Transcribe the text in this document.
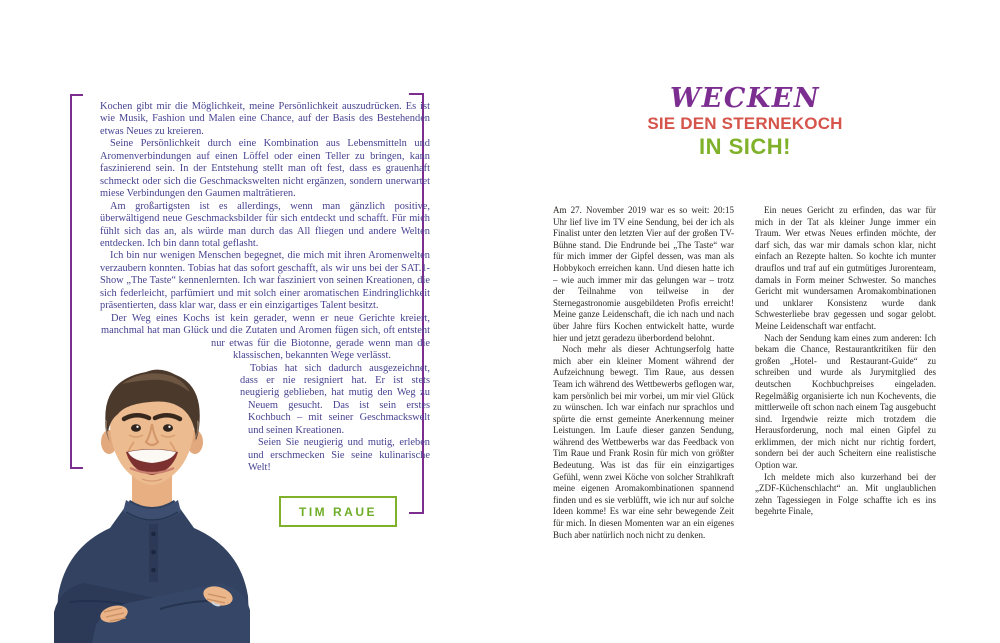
Kochen gibt mir die Möglichkeit, meine Persönlichkeit auszudrücken. Es ist wie Musik, Fashion und Malen eine Chance, auf der Basis des Bestehenden etwas Neues zu kreieren.

Seine Persönlichkeit durch eine Kombination aus Lebensmitteln und Aromenverbindungen auf einen Löffel oder einen Teller zu bringen, kann faszinierend sein. In der Entstehung stellt man oft fest, dass es grauenhaft schmeckt oder sich die Geschmackswelten nicht ergänzen, sondern unerwartet miese Verbindungen den Gaumen malträtieren.

Am großartigsten ist es allerdings, wenn man gänzlich positive, überwältigend neue Geschmacksbilder für sich entdeckt und schafft. Für mich fühlt sich das an, als würde man durch das All fliegen und andere Welten entdecken. Ich bin dann total geflasht.

Ich bin nur wenigen Menschen begegnet, die mich mit ihren Aromenwelten verzaubern konnten. Tobias hat das sofort geschafft, als wir uns bei der SAT.1-Show „The Taste“ kennenlernten. Ich war fasziniert von seinen Kreationen, die sich federleicht, parfümiert und mit solch einer aromatischen Eindringlichkeit präsentierten, dass klar war, dass er ein einzigartiges Talent besitzt.

Der Weg eines Kochs ist kein gerader, wenn er neue Gerichte kreiert, manchmal hat man Glück und die Zutaten und Aromen fügen sich, oft entsteht nur etwas für die Biotonne, gerade wenn man die klassischen, bekannten Wege verlässt.

Tobias hat sich dadurch ausgezeichnet, dass er nie resigniert hat. Er ist stets neugierig geblieben, hat mutig den Weg zu Neuem gesucht. Das ist sein erstes Kochbuch – mit seiner Geschmackswelt und seinen Kreationen.

Seien Sie neugierig und mutig, erleben und erschmecken Sie seine kulinarische Welt!

TIM RAUE
WECKEN
SIE DEN STERNEKOCH
IN SICH!

Am 27. November 2019 war es so weit: 20:15 Uhr lief live im TV eine Sendung, bei der ich als Finalist unter den letzten Vier auf der großen TV-Bühne stand. Die Endrunde bei „The Taste“ war für mich immer der Gipfel dessen, was man als Hobbykoch erreichen kann. Und diesen hatte ich – wie auch immer mir das gelungen war – trotz der Teilnahme von teilweise in der Sternegastronomie ausgebildeten Profis erreicht! Meine ganze Leidenschaft, die ich nach und nach über Jahre fürs Kochen entwickelt hatte, wurde hier und jetzt geradezu überbordend belohnt.

Noch mehr als dieser Achtungserfolg hatte mich aber ein kleiner Moment während der Aufzeichnung bewegt. Tim Raue, aus dessen Team ich während des Wettbewerbs geflogen war, kam persönlich bei mir vorbei, um mir viel Glück zu wünschen. Ich war einfach nur sprachlos und spürte die ernst gemeinte Anerkennung meiner Leistungen. Im Laufe dieser ganzen Sendung, während des Wettbewerbs war das Feedback von Tim Raue und Frank Rosin für mich von größter Bedeutung. Was ist das für ein einzigartiges Gefühl, wenn zwei Köche von solcher Strahlkraft meine eigenen Aromakombinationen spannend finden und es sie verblüfft, wie ich nur auf solche Ideen komme! Es war eine sehr bewegende Zeit für mich. In diesen Momenten war an ein eigenes Buch aber natürlich noch nicht zu denken.

Ein neues Gericht zu erfinden, das war für mich in der Tat als kleiner Junge immer ein Traum. Wer etwas Neues erfinden möchte, der darf sich, das war mir damals schon klar, nicht einfach an Rezepte halten. So kochte ich munter drauflos und traf auf ein gutmütiges Jurorenteam, damals in Form meiner Schwester. So manches Gericht mit wundersamen Aromakombinationen und unklarer Konsistenz wurde dank Schwesterliebe brav gegessen und sogar gelobt. Meine Leidenschaft war entfacht.

Nach der Sendung kam eines zum anderen: Ich bekam die Chance, Restaurantkritiken für den großen „Hotel- und Restaurant-Guide“ zu schreiben und wurde als Jurymitglied des deutschen Kochbuchpreises eingeladen. Regelmäßig organisierte ich nun Kochevents, die mittlerweile oft schon nach einem Tag ausgebucht sind. Irgendwie reizte mich trotzdem die Herausforderung, noch mal einen Gipfel zu erklimmen, der mich nicht nur richtig fordert, sondern bei der auch Scheitern eine realistische Option war.

Ich meldete mich also kurzerhand bei der „ZDF-Küchenschlacht“ an. Mit unglaublichen zehn Tagessiegen in Folge schaffte ich es ins begehrte Finale,
